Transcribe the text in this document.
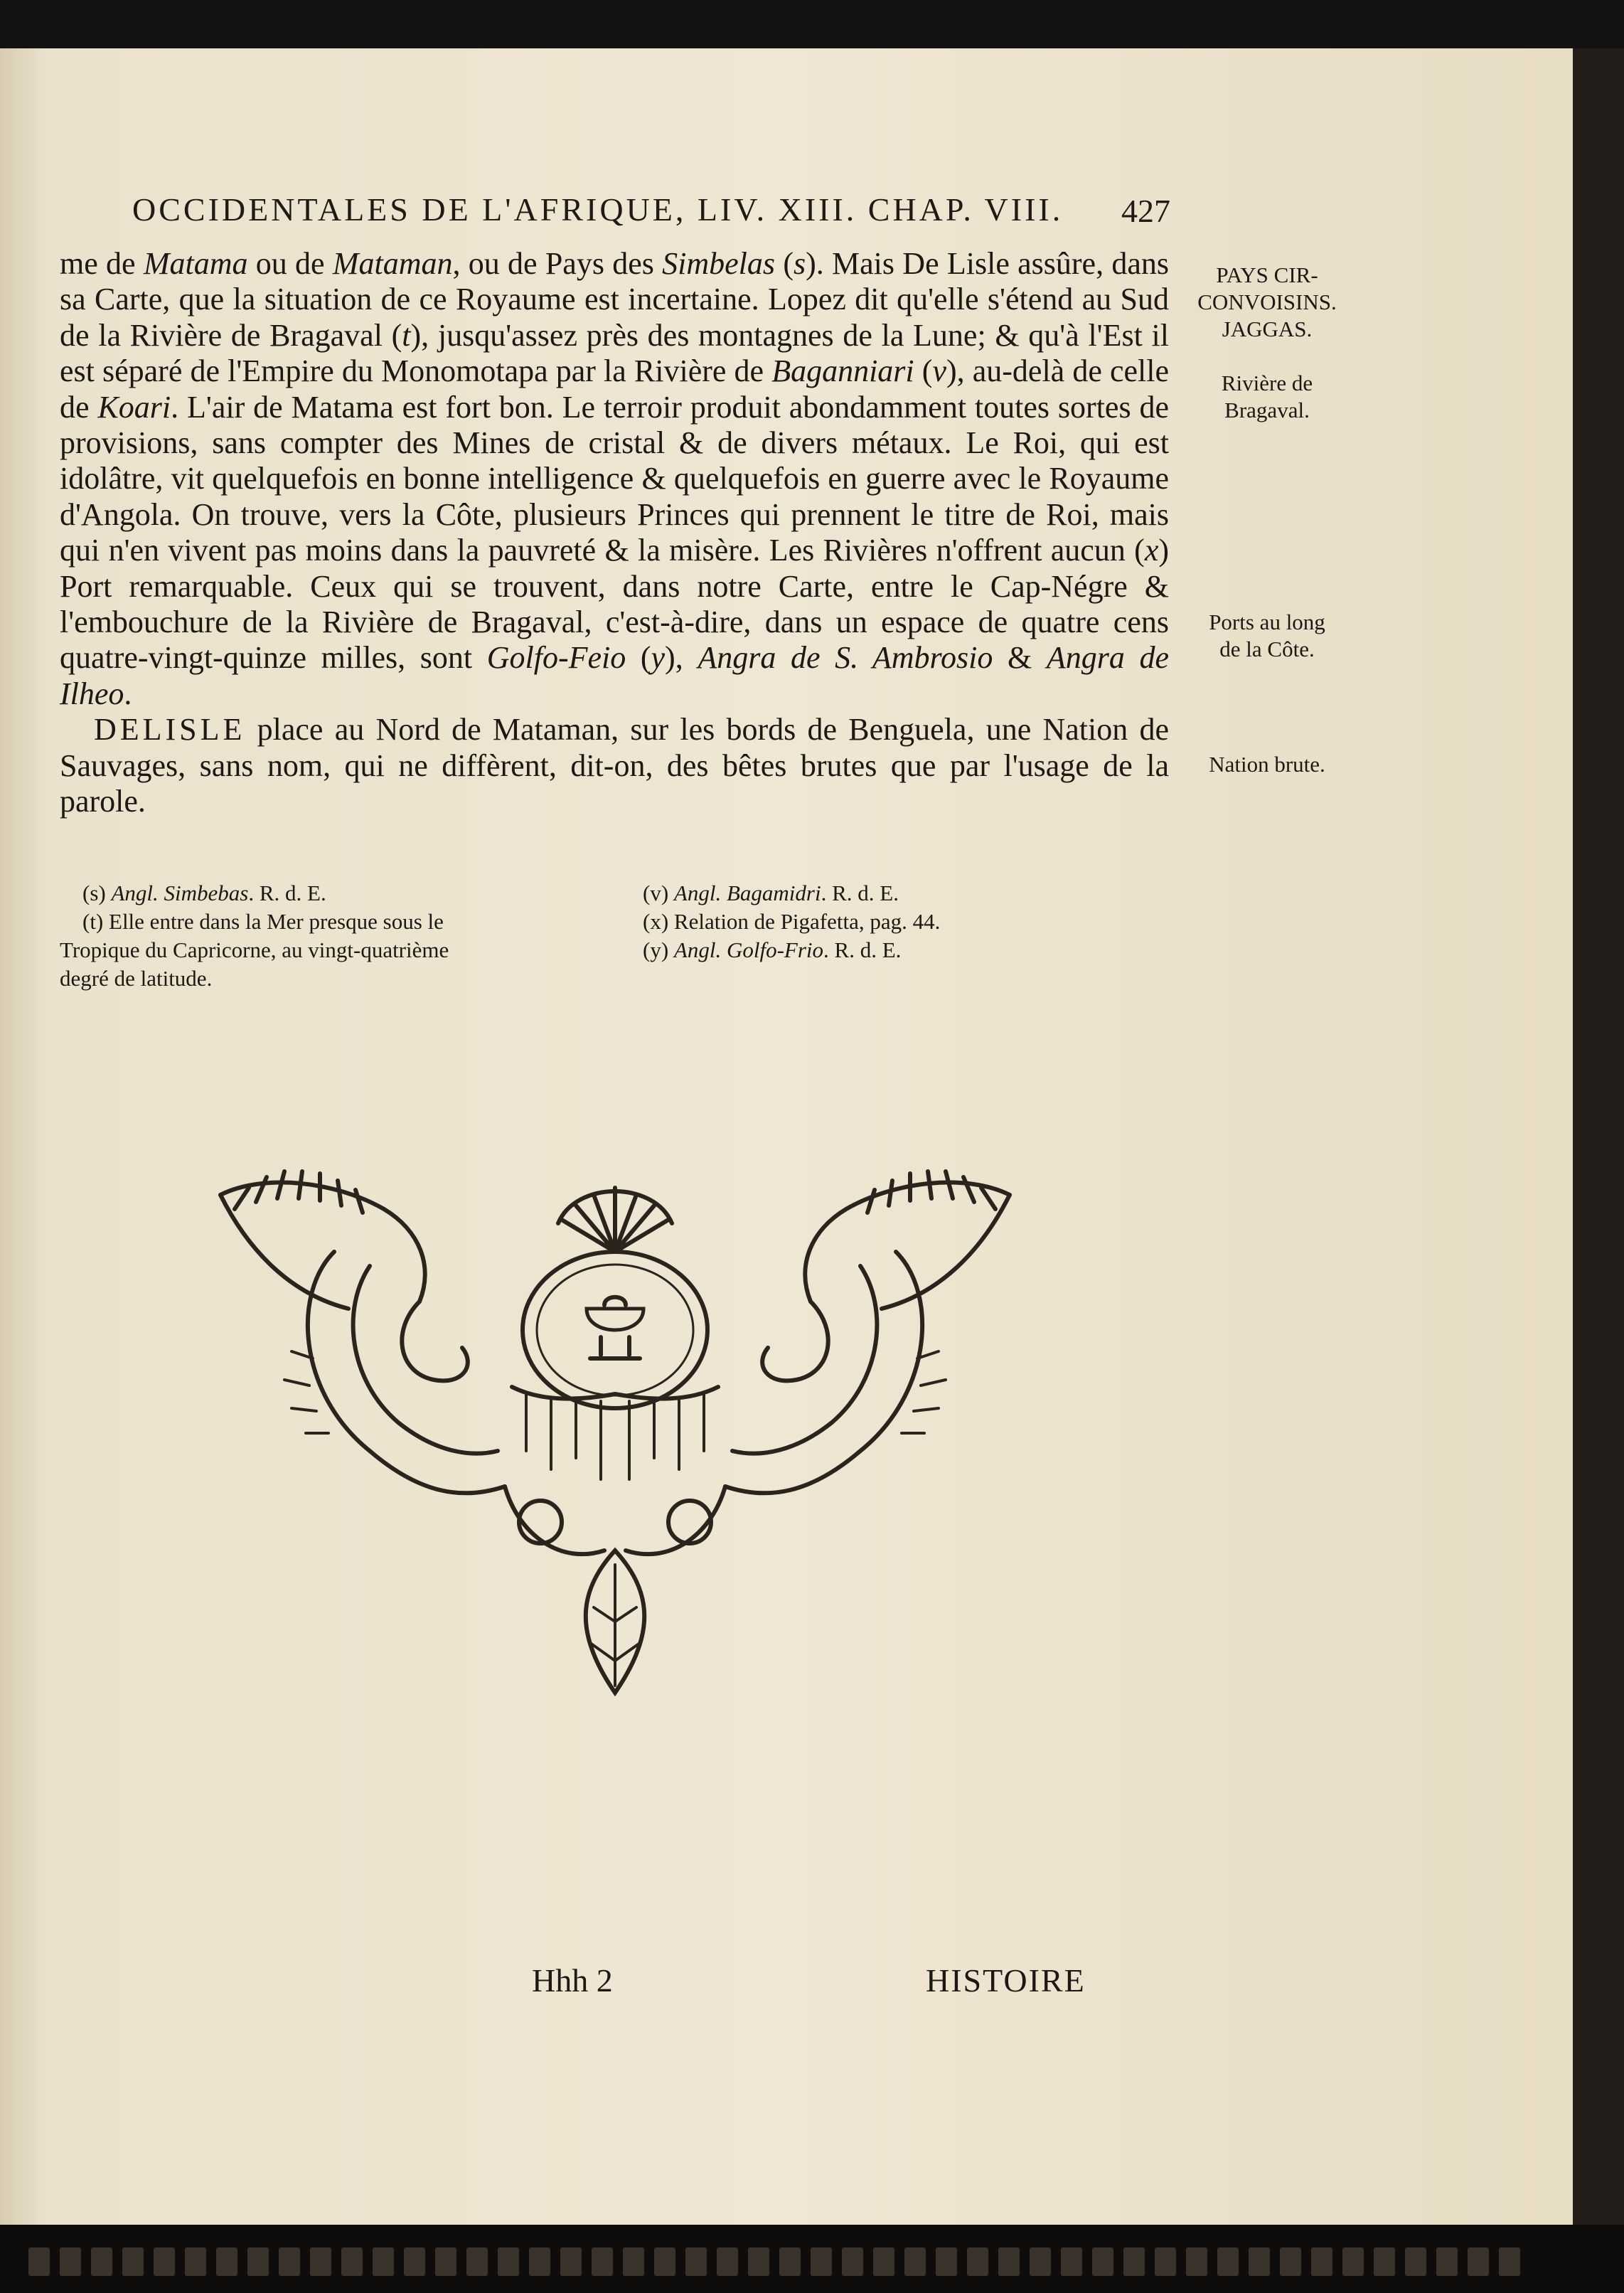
OCCIDENTALES DE L'AFRIQUE, LIV. XIII. CHAP. VIII. 427

me de Matama ou de Mataman, ou de Pays des Simbelas (s). Mais De Lisle assûre, dans sa Carte, que la situation de ce Royaume est incertaine. Lopez dit qu'elle s'étend au Sud de la Rivière de Bragaval (t), jusqu'assez près des montagnes de la Lune; & qu'à l'Est il est séparé de l'Empire du Monomotapa par la Rivière de Baganniari (v), au-delà de celle de Koari. L'air de Matama est fort bon. Le terroir produit abondamment toutes sortes de provisions, sans compter des Mines de cristal & de divers métaux. Le Roi, qui est idolâtre, vit quelquefois en bonne intelligence & quelquefois en guerre avec le Royaume d'Angola. On trouve, vers la Côte, plusieurs Princes qui prennent le titre de Roi, mais qui n'en vivent pas moins dans la pauvreté & la misère. Les Rivières n'offrent aucun (x) Port remarquable. Ceux qui se trouvent, dans notre Carte, entre le Cap-Négre & l'embouchure de la Rivière de Bragaval, c'est-à-dire, dans un espace de quatre cens quatre-vingt-quinze milles, sont Golfo-Feio (y), Angra de S. Ambrosio & Angra de Ilheo.

DELISLE place au Nord de Mataman, sur les bords de Benguela, une Nation de Sauvages, sans nom, qui ne diffèrent, dit-on, des bêtes brutes que par l'usage de la parole.

PAYS CIR-
CONVOISINS.
JAGGAS.
Rivière de
Bragaval.
Ports au long
de la Côte.
Nation brute.
(s) Angl. Simbebas. R. d. E.
(t) Elle entre dans la Mer presque sous le
Tropique du Capricorne, au vingt-quatrième
degré de latitude.
(v) Angl. Bagamidri. R. d. E.
(x) Relation de Pigafetta, pag. 44.
(y) Angl. Golfo-Frio. R. d. E.
Hhh 2	HISTOIRE
